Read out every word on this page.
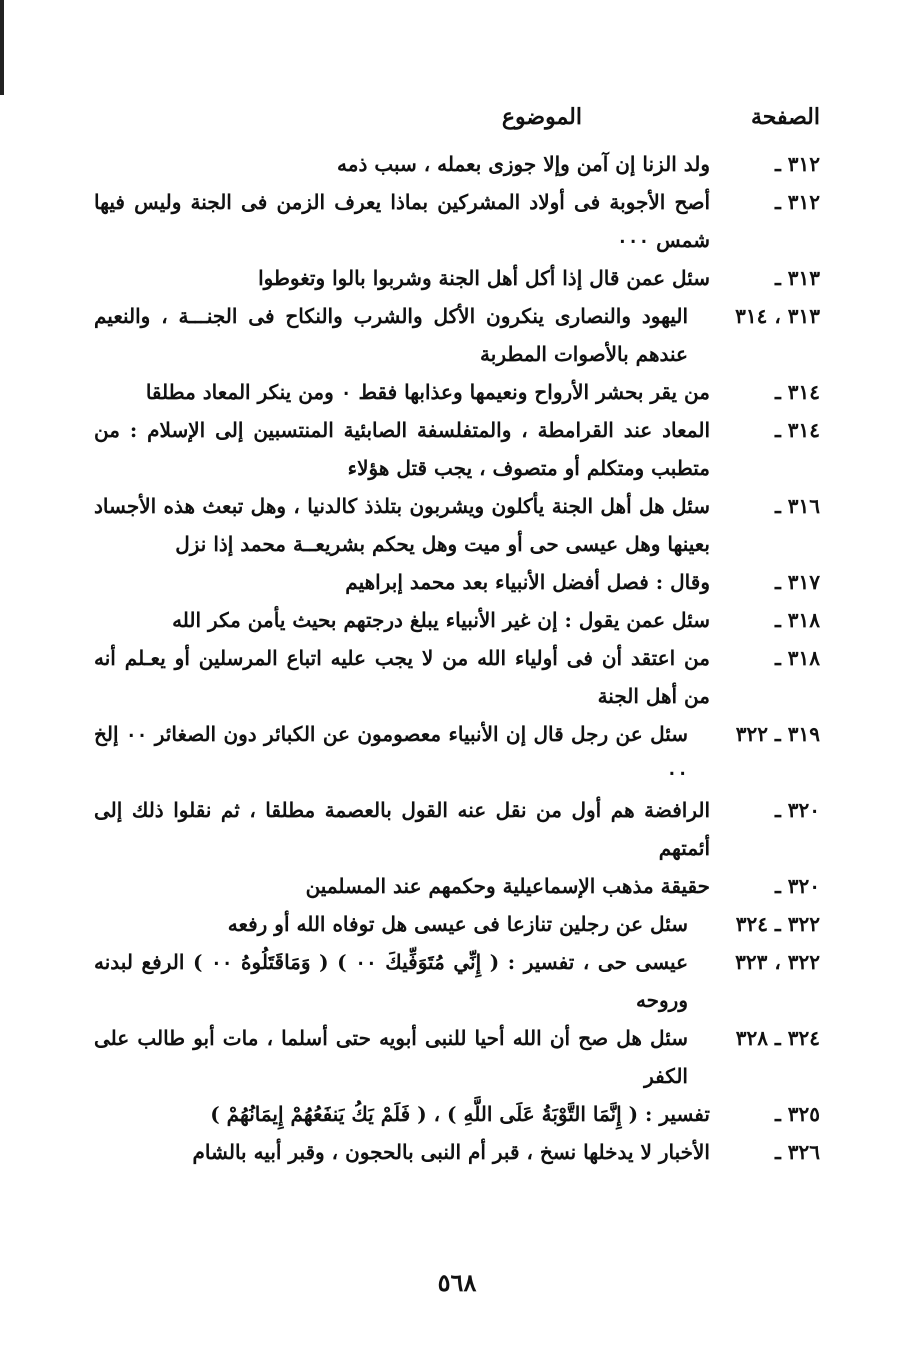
الصفحة
الموضوع
٣١٢ ـ
ولد الزنا إن آمن وإلا جوزى بعمله ، سبب ذمه
٣١٢ ـ
أصح الأجوبة فى أولاد المشركين بماذا يعرف الزمن فى الجنة وليس فيها شمس ٠٠٠
٣١٣ ـ
سئل عمن قال إذا أكل أهل الجنة وشربوا بالوا وتغوطوا
٣١٣ ، ٣١٤
اليهود والنصارى ينكرون الأكل والشرب والنكاح فى الجنـــة ، والنعيم عندهم بالأصوات المطربة
٣١٤ ـ
من يقر بحشر الأرواح ونعيمها وعذابها فقط ٠ ومن ينكر المعاد مطلقا
٣١٤ ـ
المعاد عند القرامطة ، والمتفلسفة الصابئية المنتسبين إلى الإسلام : من متطبب ومتكلم أو متصوف ، يجب قتل هؤلاء
٣١٦ ـ
سئل هل أهل الجنة يأكلون ويشربون بتلذذ كالدنيا ، وهل تبعث هذه الأجساد بعينها وهل عيسى حى أو ميت وهل يحكم بشريعــة محمد إذا نزل
٣١٧ ـ
وقال : فصل أفضل الأنبياء بعد محمد إبراهيم
٣١٨ ـ
سئل عمن يقول : إن غير الأنبياء يبلغ درجتهم بحيث يأمن مكر الله
٣١٨ ـ
من اعتقد أن فى أولياء الله من لا يجب عليه اتباع المرسلين أو يعـلم أنه من أهل الجنة
٣١٩ ـ ٣٢٢
سئل عن رجل قال إن الأنبياء معصومون عن الكبائر دون الصغائر ٠٠ إلخ ٠٠
٣٢٠ ـ
الرافضة هم أول من نقل عنه القول بالعصمة مطلقا ، ثم نقلوا ذلك إلى أئمتهم
٣٢٠ ـ
حقيقة مذهب الإسماعيلية وحكمهم عند المسلمين
٣٢٢ ـ ٣٢٤
سئل عن رجلين تنازعا فى عيسى هل توفاه الله أو رفعه
٣٢٢ ، ٣٢٣
عيسى حى ، تفسير : ( إِنِّي مُتَوَفِّيكَ ٠٠ ) ( وَمَاقَتَلُوهُ ٠٠ ) الرفع لبدنه وروحه
٣٢٤ ـ ٣٢٨
سئل هل صح أن الله أحيا للنبى أبويه حتى أسلما ، مات أبو طالب على الكفر
٣٢٥ ـ
تفسير : ( إِنَّمَا التَّوْبَةُ عَلَى اللَّهِ ) ، ( فَلَمْ يَكُ يَنفَعُهُمْ إِيمَانُهُمْ )
٣٢٦ ـ
الأخبار لا يدخلها نسخ ، قبر أم النبى بالحجون ، وقبر أبيه بالشام
٥٦٨
